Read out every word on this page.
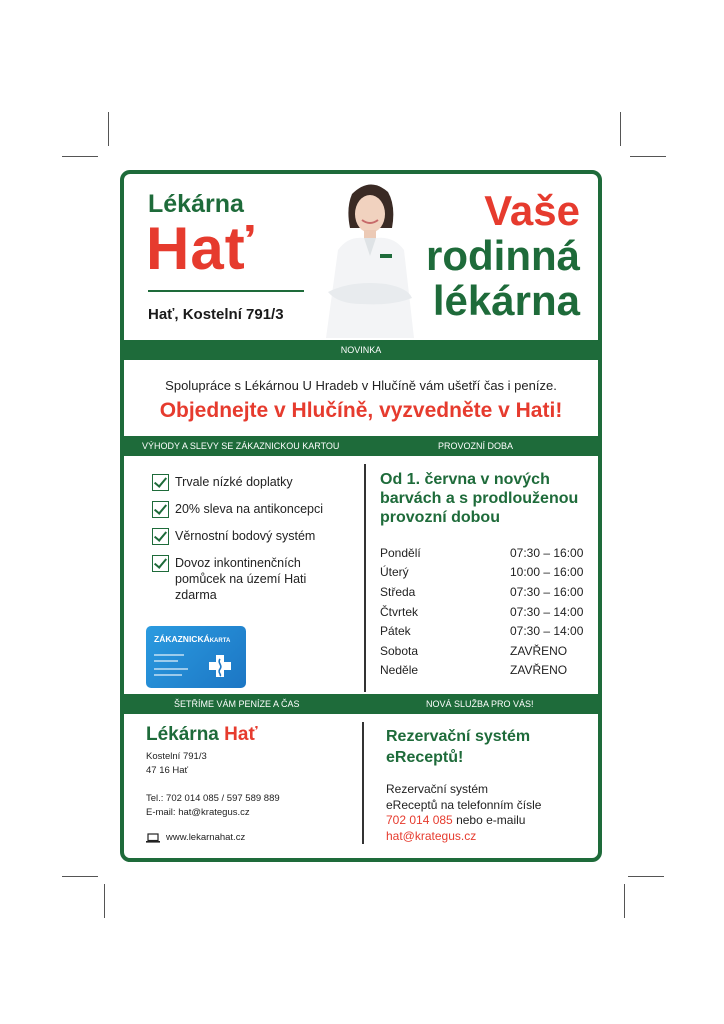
Lékárna
Hať
Hať, Kostelní 791/3
Vaše
rodinná
lékárna
NOVINKA
Spolupráce s Lékárnou U Hradeb v Hlučíně vám ušetří čas i peníze.
Objednejte v Hlučíně, vyzvedněte v Hati!
VÝHODY A SLEVY SE ZÁKAZNICKOU KARTOU	PROVOZNÍ DOBA
Trvale nízké doplatky
20% sleva na antikoncepci
Věrnostní bodový systém
Dovoz inkontinenčních pomůcek na území Hati zdarma
ZÁKAZNICKÁKARTA
Od 1. června v nových barvách a s prodlouženou provozní dobou
Pondělí	07:30 – 16:00
Úterý	10:00 – 16:00
Středa	07:30 – 16:00
Čtvrtek	07:30 – 14:00
Pátek	07:30 – 14:00
Sobota	ZAVŘENO
Neděle	ZAVŘENO
ŠETŘÍME VÁM PENÍZE A ČAS	NOVÁ SLUŽBA PRO VÁS!
Lékárna Hať
Kostelní 791/3
47 16 Hať
Tel.: 702 014 085 / 597 589 889
E-mail: hat@krategus.cz
www.lekarnahat.cz
Rezervační systém
eReceptů!
Rezervační systém
eReceptů na telefonním čísle
702 014 085 nebo e-mailu
hat@krategus.cz
